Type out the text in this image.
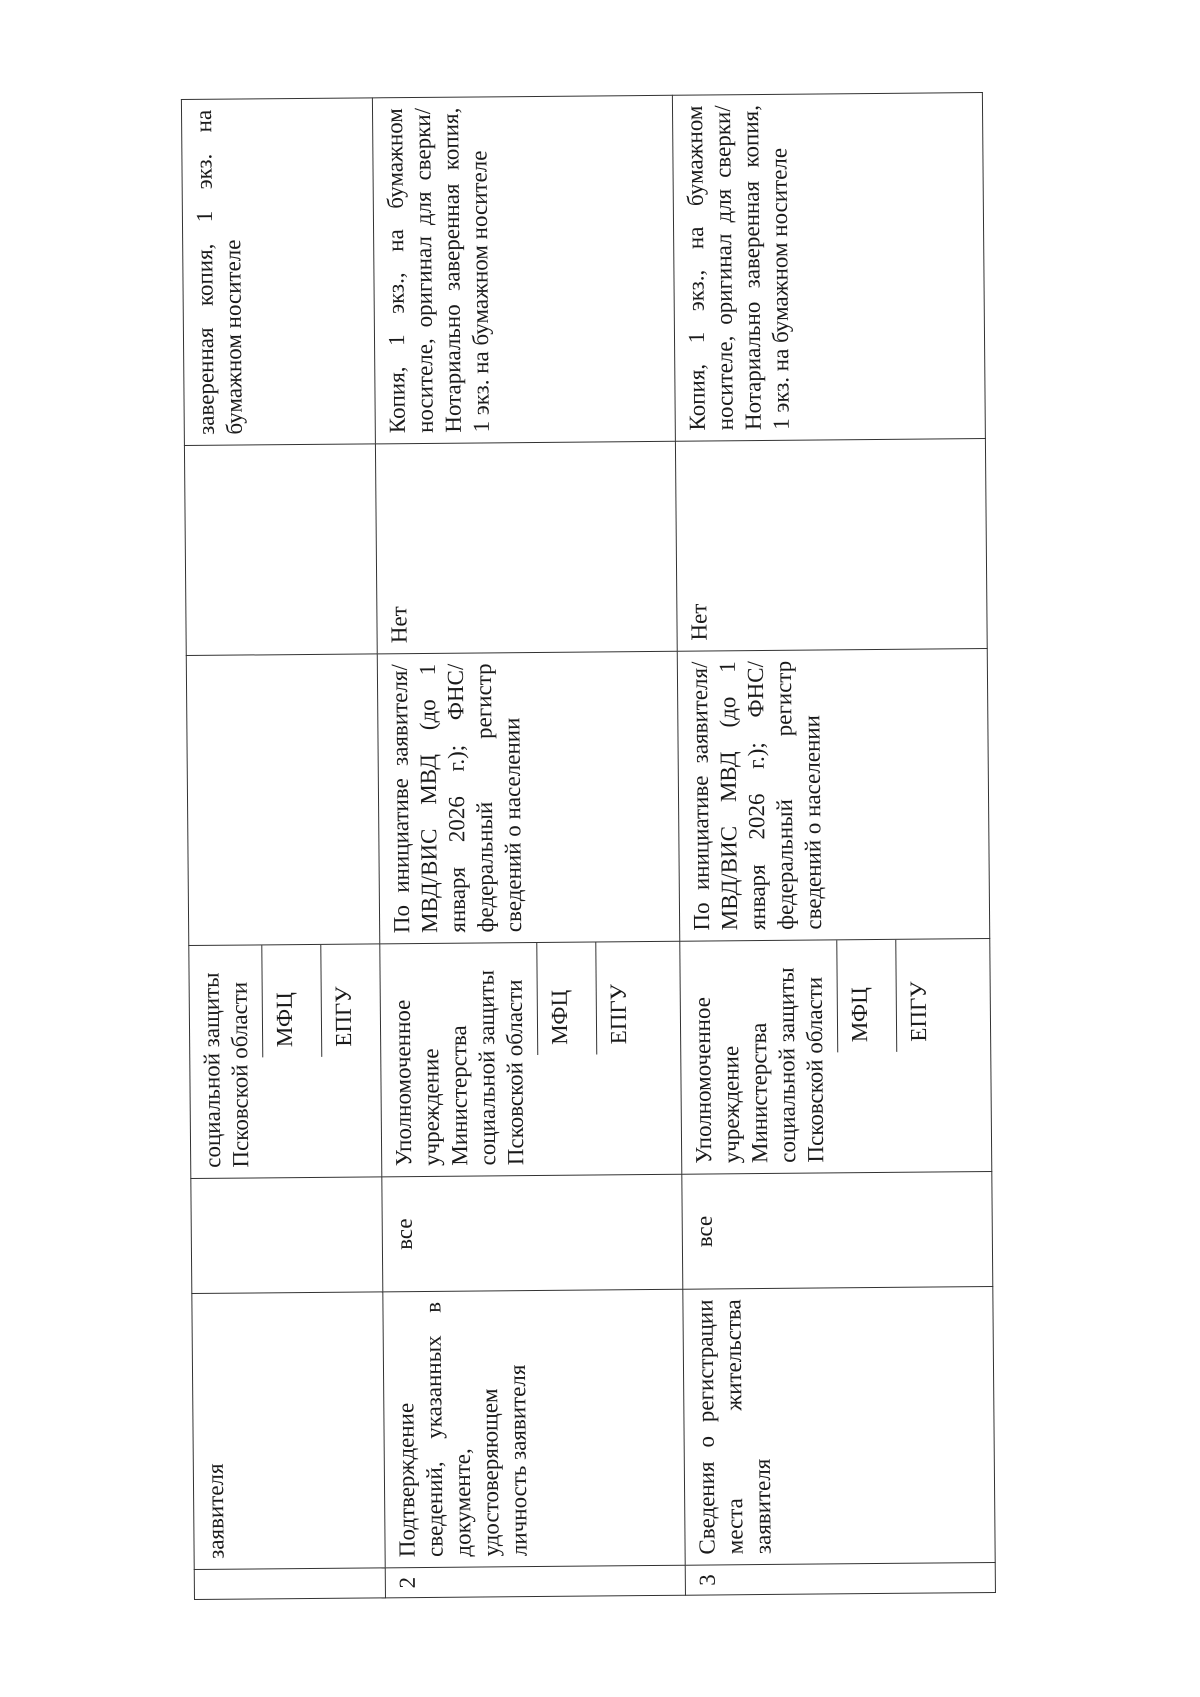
	заявителя		социальной защиты Псковской области МФЦ ЕПГУ			заверенная копия, 1 экз. на бумажном носителе
2	Подтверждение сведений, указанных в документе, удостоверяющем личность заявителя	все	Уполномоченное учреждение Министерства социальной защиты Псковской области МФЦ ЕПГУ	По инициативе заявителя/МВД/ВИС МВД (до 1 января 2026 г.); ФНС/федеральный регистр сведений о населении	Нет	Копия, 1 экз., на бумажном носителе, оригинал для сверки/Нотариально заверенная копия, 1 экз. на бумажном носителе
3	Сведения о регистрации места жительства заявителя	все	Уполномоченное учреждение Министерства социальной защиты Псковской области МФЦ ЕПГУ	По инициативе заявителя/МВД/ВИС МВД (до 1 января 2026 г.); ФНС/федеральный регистр сведений о населении	Нет	Копия, 1 экз., на бумажном носителе, оригинал для сверки/Нотариально заверенная копия, 1 экз. на бумажном носителе
